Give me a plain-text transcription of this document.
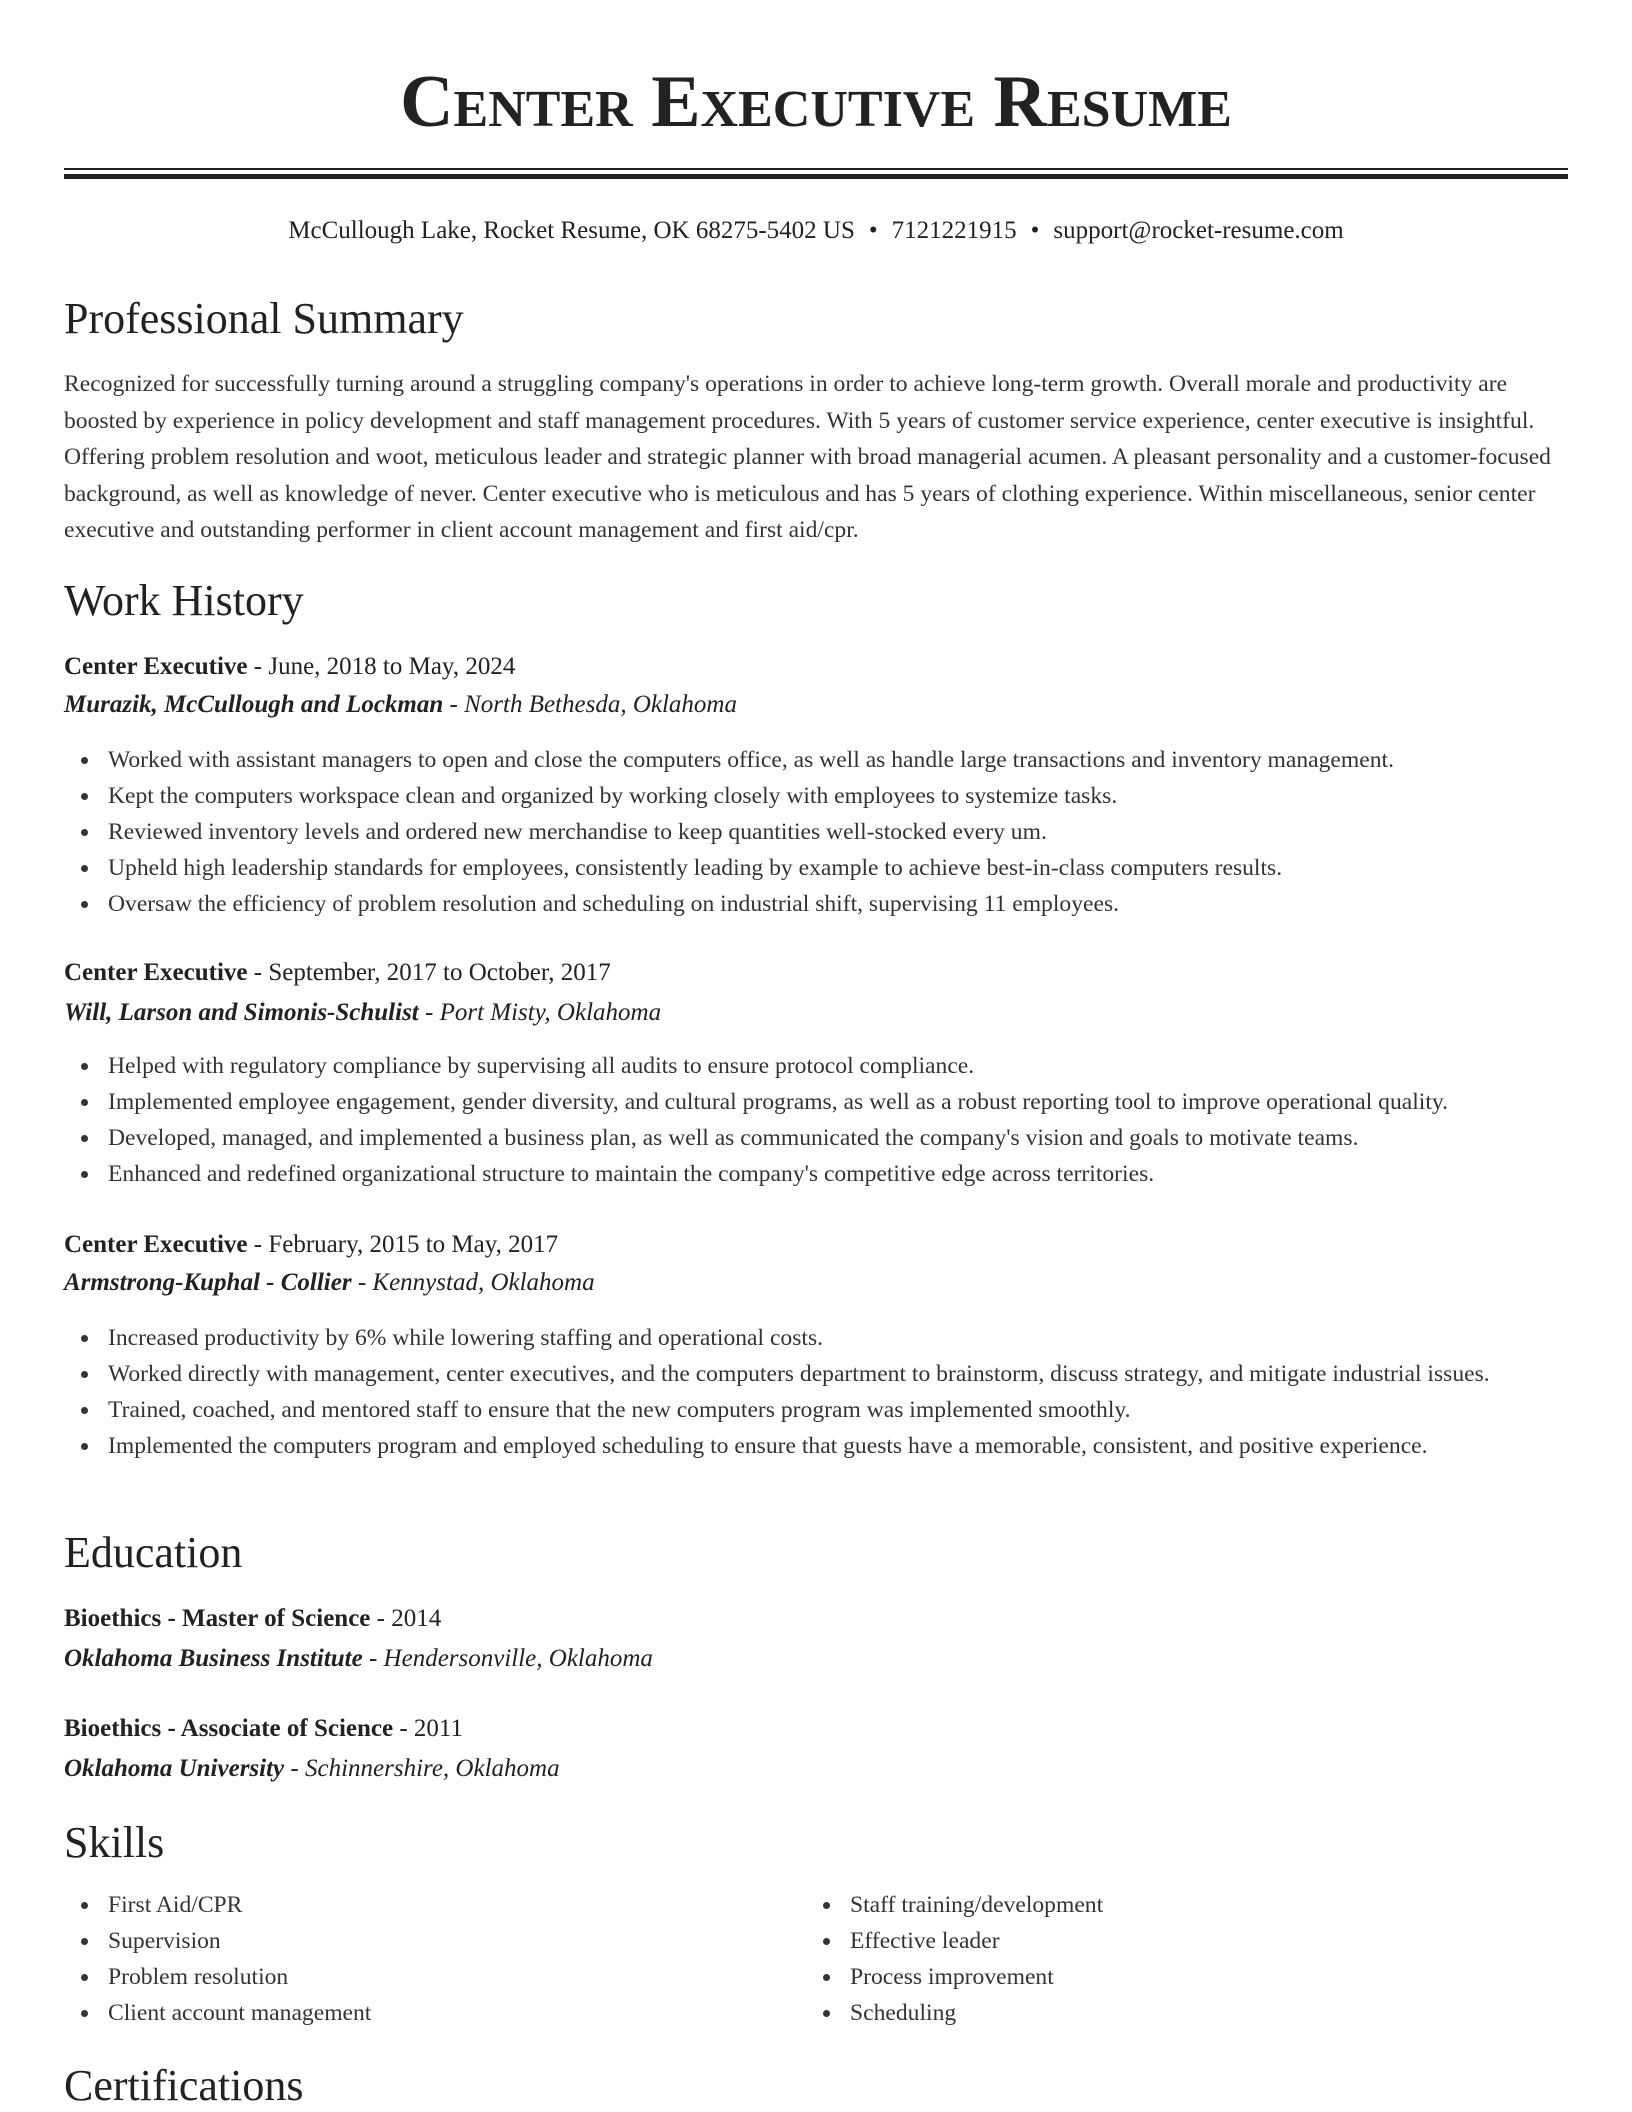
Center Executive Resume
McCullough Lake, Rocket Resume, OK 68275-5402 US • 7121221915 • support@rocket-resume.com
Professional Summary

Recognized for successfully turning around a struggling company's operations in order to achieve long-term growth. Overall morale and productivity are boosted by experience in policy development and staff management procedures. With 5 years of customer service experience, center executive is insightful. Offering problem resolution and woot, meticulous leader and strategic planner with broad managerial acumen. A pleasant personality and a customer-focused background, as well as knowledge of never. Center executive who is meticulous and has 5 years of clothing experience. Within miscellaneous, senior center executive and outstanding performer in client account management and first aid/cpr.

Work History
Center Executive - June, 2018 to May, 2024
Murazik, McCullough and Lockman - North Bethesda, Oklahoma
Worked with assistant managers to open and close the computers office, as well as handle large transactions and inventory management.
Kept the computers workspace clean and organized by working closely with employees to systemize tasks.
Reviewed inventory levels and ordered new merchandise to keep quantities well-stocked every um.
Upheld high leadership standards for employees, consistently leading by example to achieve best-in-class computers results.
Oversaw the efficiency of problem resolution and scheduling on industrial shift, supervising 11 employees.
Center Executive - September, 2017 to October, 2017
Will, Larson and Simonis-Schulist - Port Misty, Oklahoma
Helped with regulatory compliance by supervising all audits to ensure protocol compliance.
Implemented employee engagement, gender diversity, and cultural programs, as well as a robust reporting tool to improve operational quality.
Developed, managed, and implemented a business plan, as well as communicated the company's vision and goals to motivate teams.
Enhanced and redefined organizational structure to maintain the company's competitive edge across territories.
Center Executive - February, 2015 to May, 2017
Armstrong-Kuphal - Collier - Kennystad, Oklahoma
Increased productivity by 6% while lowering staffing and operational costs.
Worked directly with management, center executives, and the computers department to brainstorm, discuss strategy, and mitigate industrial issues.
Trained, coached, and mentored staff to ensure that the new computers program was implemented smoothly.
Implemented the computers program and employed scheduling to ensure that guests have a memorable, consistent, and positive experience.
Education
Bioethics - Master of Science - 2014
Oklahoma Business Institute - Hendersonville, Oklahoma
Bioethics - Associate of Science - 2011
Oklahoma University - Schinnershire, Oklahoma
Skills
First Aid/CPR
Supervision
Problem resolution
Client account management
Staff training/development
Effective leader
Process improvement
Scheduling
Certifications
